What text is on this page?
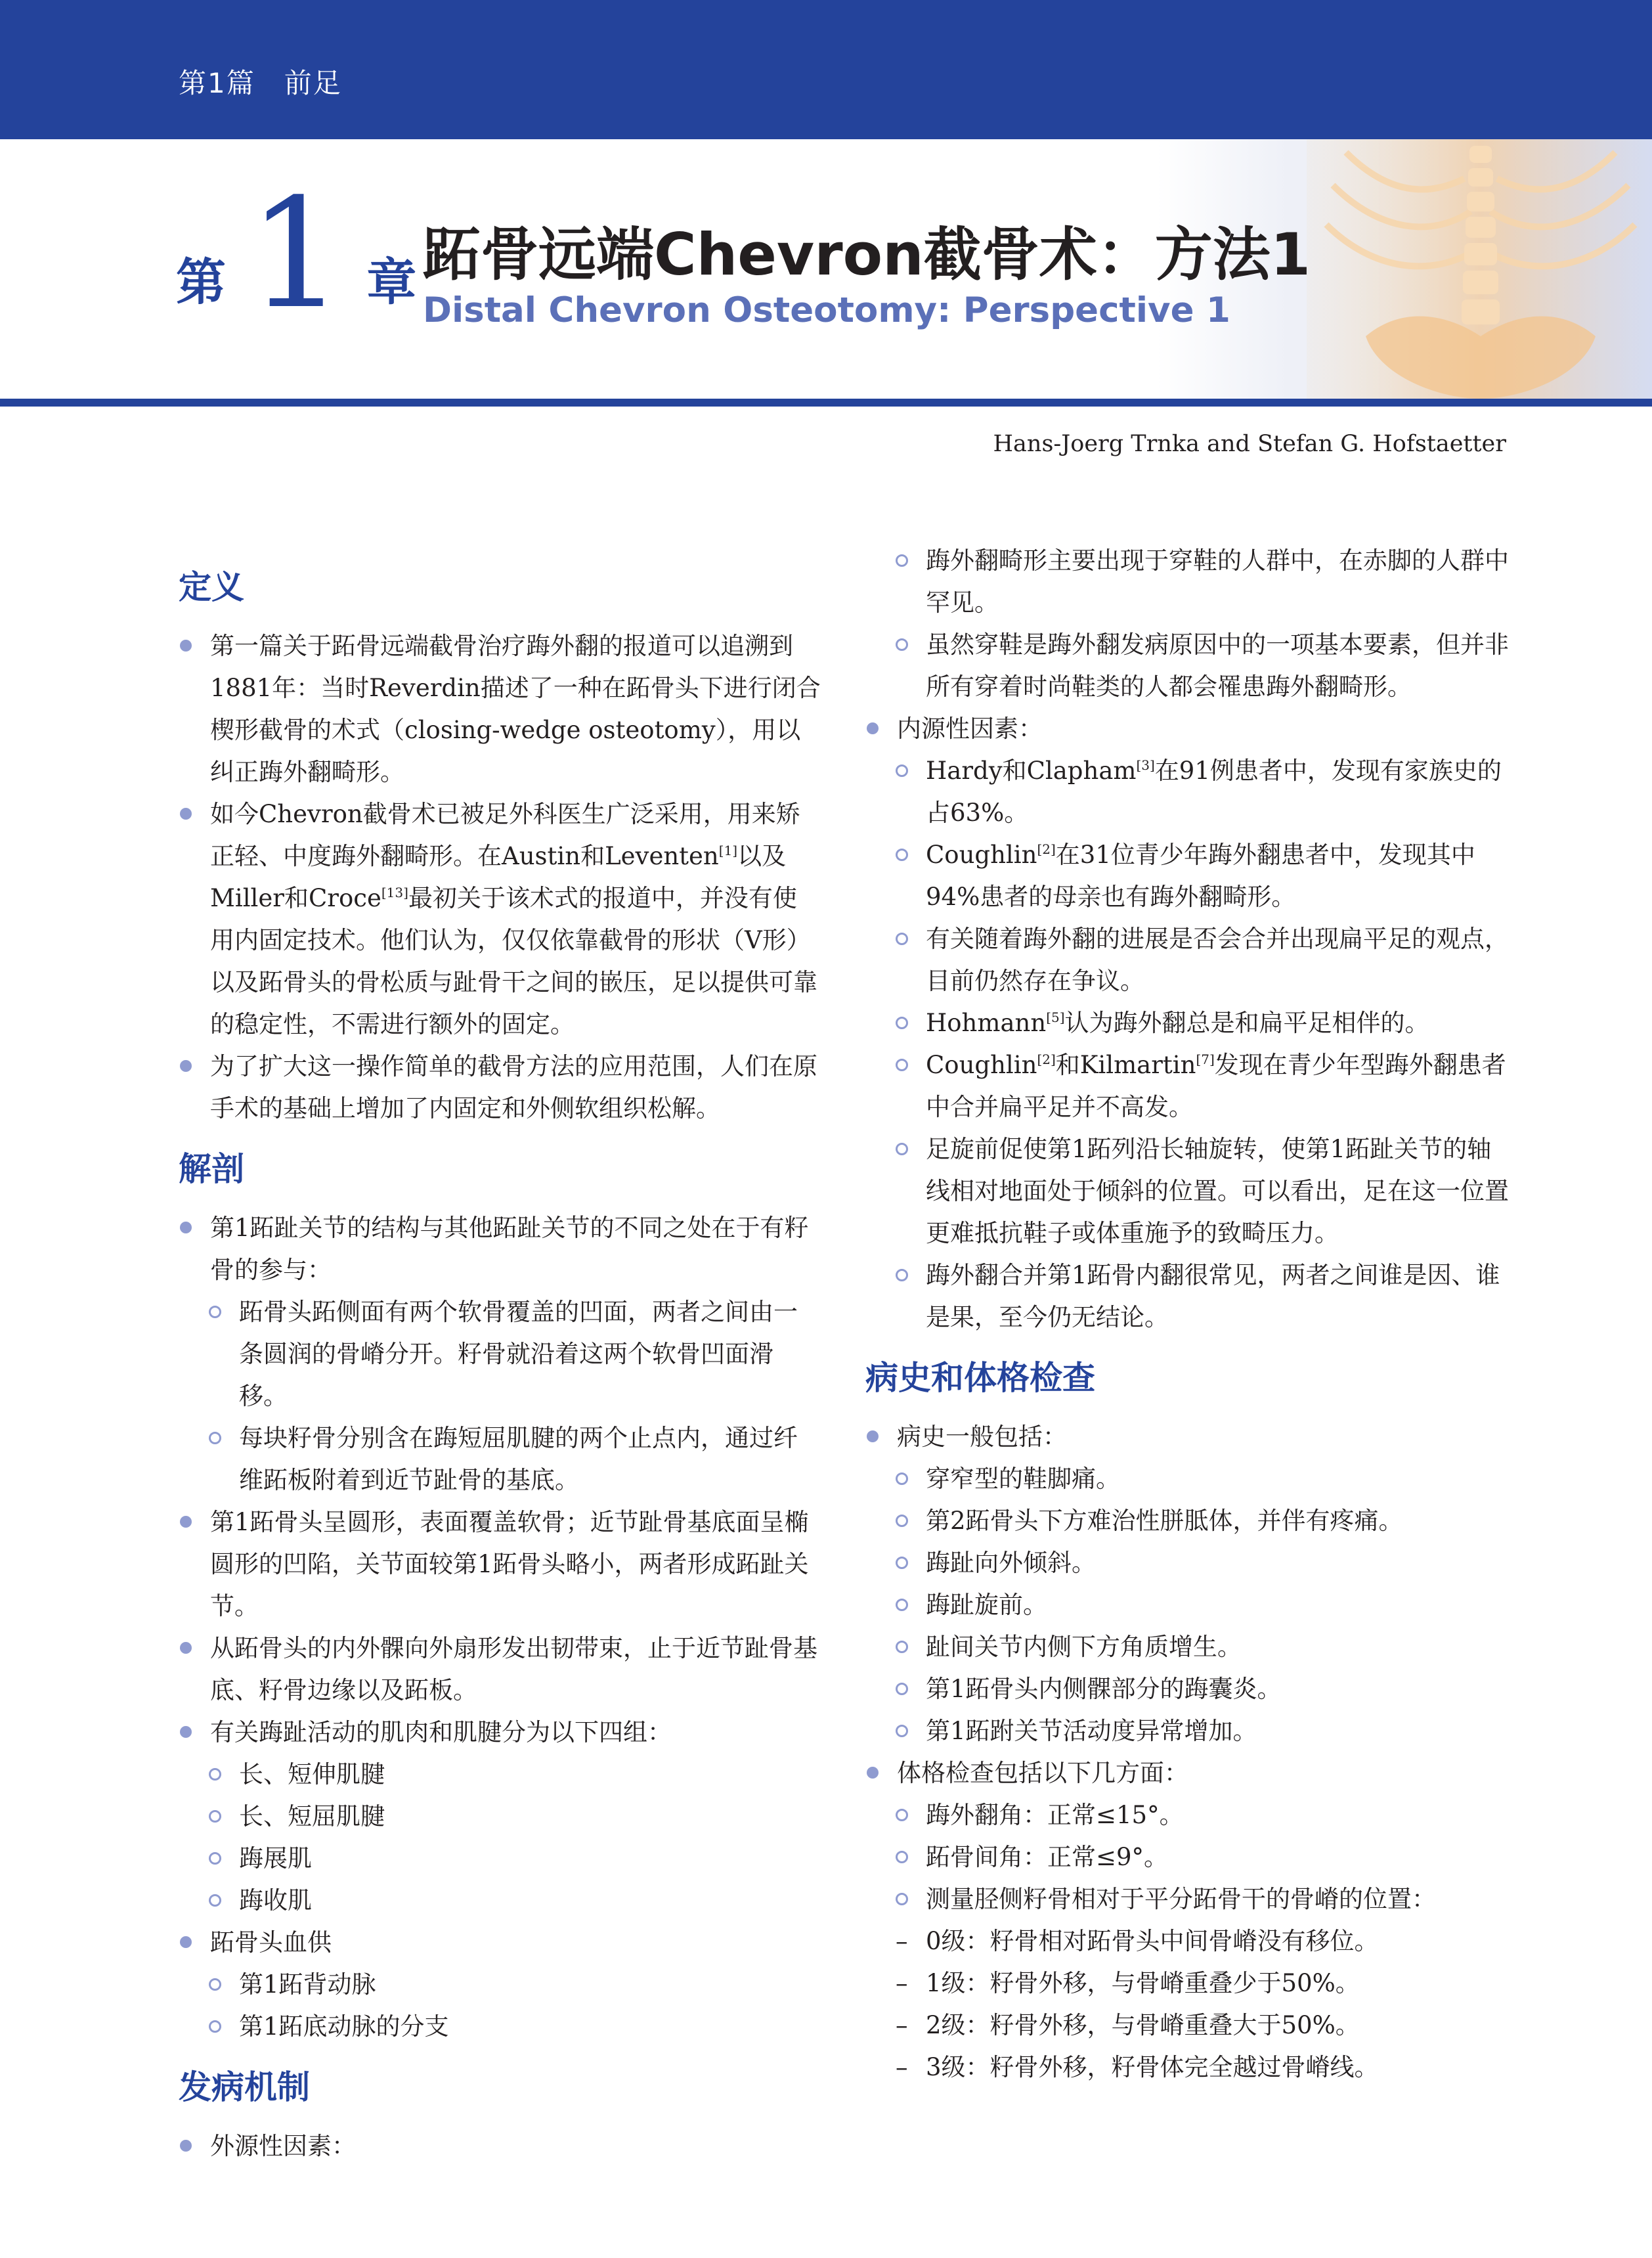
第1篇　前足
第 1 章 跖骨远端Chevron截骨术：方法1
Distal Chevron Osteotomy: Perspective 1
Hans-Joerg Trnka and Stefan G. Hofstaetter
定义
第一篇关于跖骨远端截骨治疗踇外翻的报道可以追溯到1881年：当时Reverdin描述了一种在跖骨头下进行闭合楔形截骨的术式（closing-wedge osteotomy），用以纠正踇外翻畸形。
如今Chevron截骨术已被足外科医生广泛采用，用来矫正轻、中度踇外翻畸形。在Austin和Leventen[1]以及Miller和Croce[13]最初关于该术式的报道中，并没有使用内固定技术。他们认为，仅仅依靠截骨的形状（V形）以及跖骨头的骨松质与趾骨干之间的嵌压，足以提供可靠的稳定性，不需进行额外的固定。
为了扩大这一操作简单的截骨方法的应用范围，人们在原手术的基础上增加了内固定和外侧软组织松解。
解剖
第1跖趾关节的结构与其他跖趾关节的不同之处在于有籽骨的参与：
跖骨头跖侧面有两个软骨覆盖的凹面，两者之间由一条圆润的骨嵴分开。籽骨就沿着这两个软骨凹面滑移。
每块籽骨分别含在踇短屈肌腱的两个止点内，通过纤维跖板附着到近节趾骨的基底。
第1跖骨头呈圆形，表面覆盖软骨；近节趾骨基底面呈椭圆形的凹陷，关节面较第1跖骨头略小，两者形成跖趾关节。
从跖骨头的内外髁向外扇形发出韧带束，止于近节趾骨基底、籽骨边缘以及跖板。
有关踇趾活动的肌肉和肌腱分为以下四组：
长、短伸肌腱
长、短屈肌腱
踇展肌
踇收肌
跖骨头血供
第1跖背动脉
第1跖底动脉的分支
发病机制
外源性因素：
踇外翻畸形主要出现于穿鞋的人群中，在赤脚的人群中罕见。
虽然穿鞋是踇外翻发病原因中的一项基本要素，但并非所有穿着时尚鞋类的人都会罹患踇外翻畸形。
内源性因素：
Hardy和Clapham[3]在91例患者中，发现有家族史的占63%。
Coughlin[2]在31位青少年踇外翻患者中，发现其中94%患者的母亲也有踇外翻畸形。
有关随着踇外翻的进展是否会合并出现扁平足的观点，目前仍然存在争议。
Hohmann[5]认为踇外翻总是和扁平足相伴的。
Coughlin[2]和Kilmartin[7]发现在青少年型踇外翻患者中合并扁平足并不高发。
足旋前促使第1跖列沿长轴旋转，使第1跖趾关节的轴线相对地面处于倾斜的位置。可以看出，足在这一位置更难抵抗鞋子或体重施予的致畸压力。
踇外翻合并第1跖骨内翻很常见，两者之间谁是因、谁是果，至今仍无结论。
病史和体格检查
病史一般包括：
穿窄型的鞋脚痛。
第2跖骨头下方难治性胼胝体，并伴有疼痛。
踇趾向外倾斜。
踇趾旋前。
趾间关节内侧下方角质增生。
第1跖骨头内侧髁部分的踇囊炎。
第1跖跗关节活动度异常增加。
体格检查包括以下几方面：
踇外翻角：正常≤15°。
跖骨间角：正常≤9°。
测量胫侧籽骨相对于平分跖骨干的骨嵴的位置：
– 0级：籽骨相对跖骨头中间骨嵴没有移位。
– 1级：籽骨外移，与骨嵴重叠少于50%。
– 2级：籽骨外移，与骨嵴重叠大于50%。
– 3级：籽骨外移，籽骨体完全越过骨嵴线。
